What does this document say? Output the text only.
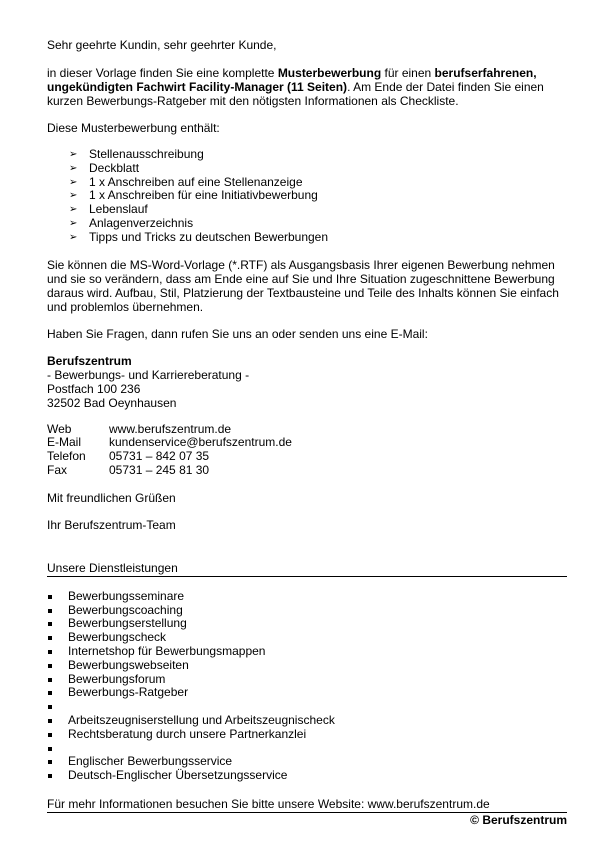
Sehr geehrte Kundin, sehr geehrter Kunde,

in dieser Vorlage finden Sie eine komplette Musterbewerbung für einen berufserfahrenen, ungekündigten Fachwirt Facility-Manager (11 Seiten). Am Ende der Datei finden Sie einen kurzen Bewerbungs-Ratgeber mit den nötigsten Informationen als Checkliste.

Diese Musterbewerbung enthält:

➢ Stellenausschreibung
➢ Deckblatt
➢ 1 x Anschreiben auf eine Stellenanzeige
➢ 1 x Anschreiben für eine Initiativbewerbung
➢ Lebenslauf
➢ Anlagenverzeichnis
➢ Tipps und Tricks zu deutschen Bewerbungen

Sie können die MS-Word-Vorlage (*.RTF) als Ausgangsbasis Ihrer eigenen Bewerbung nehmen und sie so verändern, dass am Ende eine auf Sie und Ihre Situation zugeschnittene Bewerbung daraus wird. Aufbau, Stil, Platzierung der Textbausteine und Teile des Inhalts können Sie einfach und problemlos übernehmen.

Haben Sie Fragen, dann rufen Sie uns an oder senden uns eine E-Mail:

Berufszentrum

- Bewerbungs- und Karriereberatung -

Postfach 100 236

32502 Bad Oeynhausen

Web	www.berufszentrum.de
E-Mail	kundenservice@berufszentrum.de
Telefon	05731 – 842 07 35
Fax	05731 – 245 81 30

Mit freundlichen Grüßen

Ihr Berufszentrum-Team

Unsere Dienstleistungen
Bewerbungsseminare
Bewerbungscoaching
Bewerbungserstellung
Bewerbungscheck
Internetshop für Bewerbungsmappen
Bewerbungswebseiten
Bewerbungsforum
Bewerbungs-Ratgeber
Arbeitszeugniserstellung und Arbeitszeugnischeck
Rechtsberatung durch unsere Partnerkanzlei
Englischer Bewerbungsservice
Deutsch-Englischer Übersetzungsservice
Für mehr Informationen besuchen Sie bitte unsere Website: www.berufszentrum.de
© Berufszentrum
